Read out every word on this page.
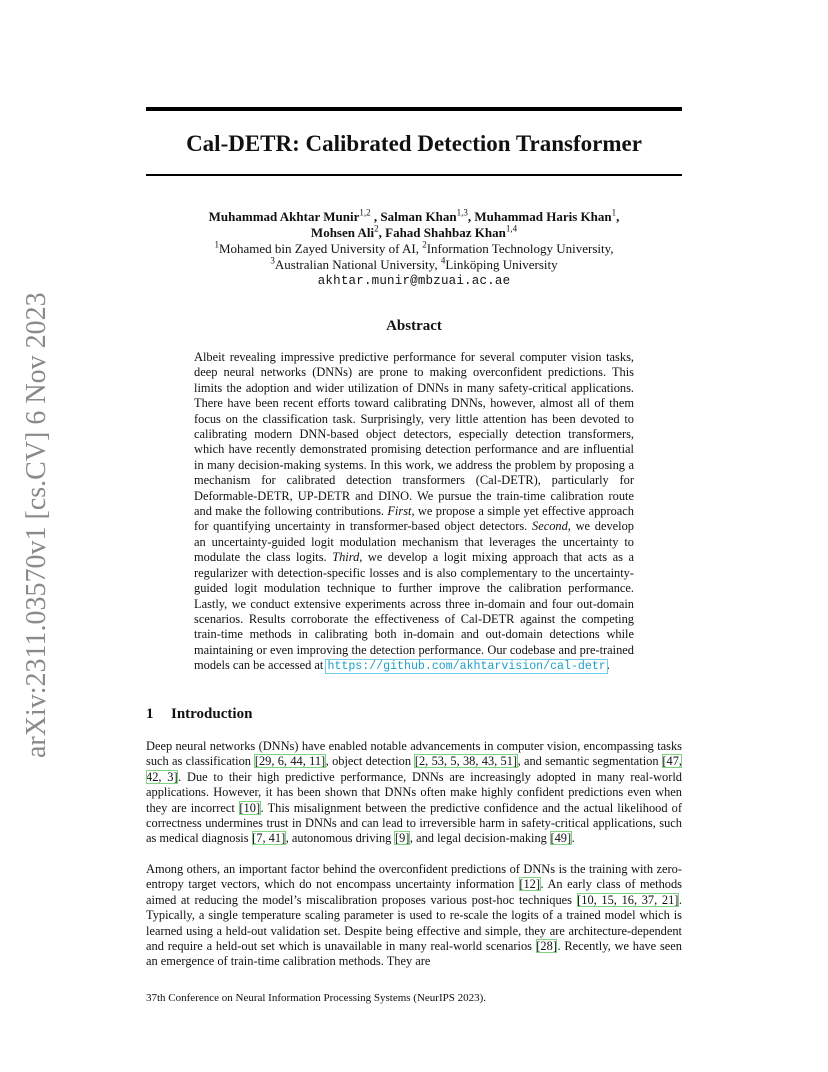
arXiv:2311.03570v1 [cs.CV] 6 Nov 2023
Cal-DETR: Calibrated Detection Transformer
Muhammad Akhtar Munir$^{1,2}$ , Salman Khan$^{1,3}$, Muhammad Haris Khan$^1$,
Mohsen Ali$^2$, Fahad Shahbaz Khan$^{1,4}$
$^1$Mohamed bin Zayed University of AI, $^2$Information Technology University,
$^3$Australian National University, $^4$Linköping University
akhtar.munir@mbzuai.ac.ae
Abstract

Albeit revealing impressive predictive performance for several computer vision tasks, deep neural networks (DNNs) are prone to making overconfident predictions. This limits the adoption and wider utilization of DNNs in many safety-critical applications. There have been recent efforts toward calibrating DNNs, however, almost all of them focus on the classification task. Surprisingly, very little attention has been devoted to calibrating modern DNN-based object detectors, especially detection transformers, which have recently demonstrated promising detection performance and are influential in many decision-making systems. In this work, we address the problem by proposing a mechanism for calibrated detection transformers (Cal-DETR), particularly for Deformable-DETR, UP-DETR and DINO. We pursue the train-time calibration route and make the following contributions. First, we propose a simple yet effective approach for quantifying uncertainty in transformer-based object detectors. Second, we develop an uncertainty-guided logit modulation mechanism that leverages the uncertainty to modulate the class logits. Third, we develop a logit mixing approach that acts as a regularizer with detection-specific losses and is also complementary to the uncertainty-guided logit modulation technique to further improve the calibration performance. Lastly, we conduct extensive experiments across three in-domain and four out-domain scenarios. Results corroborate the effectiveness of Cal-DETR against the competing train-time methods in calibrating both in-domain and out-domain detections while maintaining or even improving the detection performance. Our codebase and pre-trained models can be accessed at https://github.com/akhtarvision/cal-detr.

1 Introduction

Deep neural networks (DNNs) have enabled notable advancements in computer vision, encompassing tasks such as classification [29, 6, 44, 11], object detection [2, 53, 5, 38, 43, 51], and semantic segmentation [47, 42, 3]. Due to their high predictive performance, DNNs are increasingly adopted in many real-world applications. However, it has been shown that DNNs often make highly confident predictions even when they are incorrect [10]. This misalignment between the predictive confidence and the actual likelihood of correctness undermines trust in DNNs and can lead to irreversible harm in safety-critical applications, such as medical diagnosis [7, 41], autonomous driving [9], and legal decision-making [49].

Among others, an important factor behind the overconfident predictions of DNNs is the training with zero-entropy target vectors, which do not encompass uncertainty information [12]. An early class of methods aimed at reducing the model’s miscalibration proposes various post-hoc techniques [10, 15, 16, 37, 21]. Typically, a single temperature scaling parameter is used to re-scale the logits of a trained model which is learned using a held-out validation set. Despite being effective and simple, they are architecture-dependent and require a held-out set which is unavailable in many real-world scenarios [28]. Recently, we have seen an emergence of train-time calibration methods. They are

37th Conference on Neural Information Processing Systems (NeurIPS 2023).
